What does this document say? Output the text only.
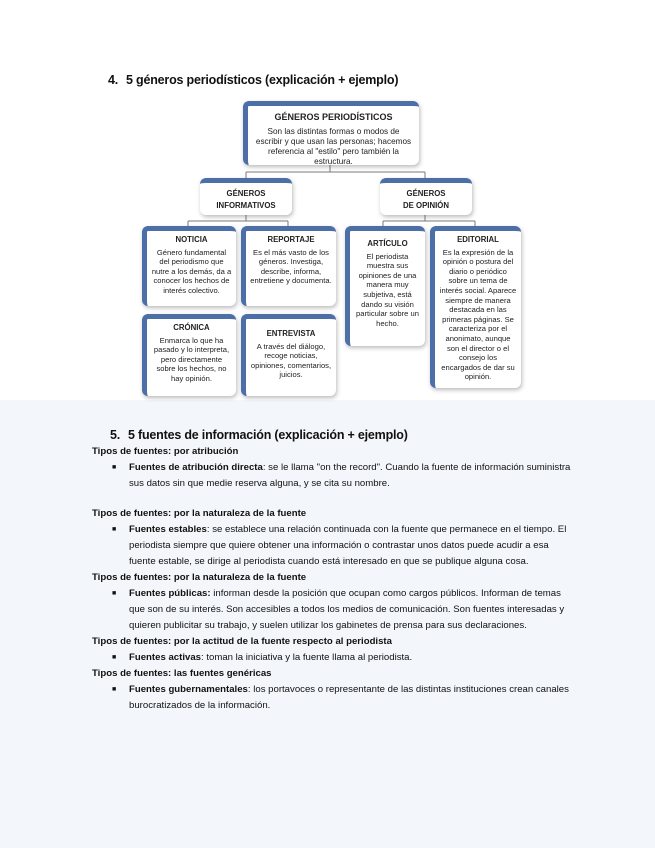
4. 5 géneros periodísticos (explicación + ejemplo)
GÉNEROS PERIODÍSTICOS
Son las distintas formas o modos de escribir y que usan las personas; hacemos referencia al "estilo" pero también la estructura.
GÉNEROS
INFORMATIVOS
GÉNEROS
DE OPINIÓN
NOTICIA
Género fundamental del periodismo que nutre a los demás, da a conocer los hechos de interés colectivo.
REPORTAJE
Es el más vasto de los géneros. Investiga, describe, informa, entretiene y documenta.
CRÓNICA
Enmarca lo que ha pasado y lo interpreta, pero directamente sobre los hechos, no hay opinión.
ENTREVISTA
A través del diálogo, recoge noticias, opiniones, comentarios, juicios.
ARTÍCULO
El periodista muestra sus opiniones de una manera muy subjetiva, está dando su visión particular sobre un hecho.
EDITORIAL
Es la expresión de la opinión o postura del diario o periódico sobre un tema de interés social. Aparece siempre de manera destacada en las primeras páginas. Se caracteriza por el anonimato, aunque son el director o el consejo los encargados de dar su opinión.
5. 5 fuentes de información (explicación + ejemplo)

Tipos de fuentes: por atribución

■ Fuentes de atribución directa: se le llama "on the record". Cuando la fuente de información suministra sus datos sin que medie reserva alguna, y se cita su nombre.

Tipos de fuentes: por la naturaleza de la fuente

■ Fuentes estables: se establece una relación continuada con la fuente que permanece en el tiempo. El periodista siempre que quiere obtener una información o contrastar unos datos puede acudir a esa fuente estable, se dirige al periodista cuando está interesado en que se publique alguna cosa.

Tipos de fuentes: por la naturaleza de la fuente

■ Fuentes públicas: informan desde la posición que ocupan como cargos públicos. Informan de temas que son de su interés. Son accesibles a todos los medios de comunicación. Son fuentes interesadas y quieren publicitar su trabajo, y suelen utilizar los gabinetes de prensa para sus declaraciones.

Tipos de fuentes: por la actitud de la fuente respecto al periodista

■ Fuentes activas: toman la iniciativa y la fuente llama al periodista.

Tipos de fuentes: las fuentes genéricas

■ Fuentes gubernamentales: los portavoces o representante de las distintas instituciones crean canales burocratizados de la información.
